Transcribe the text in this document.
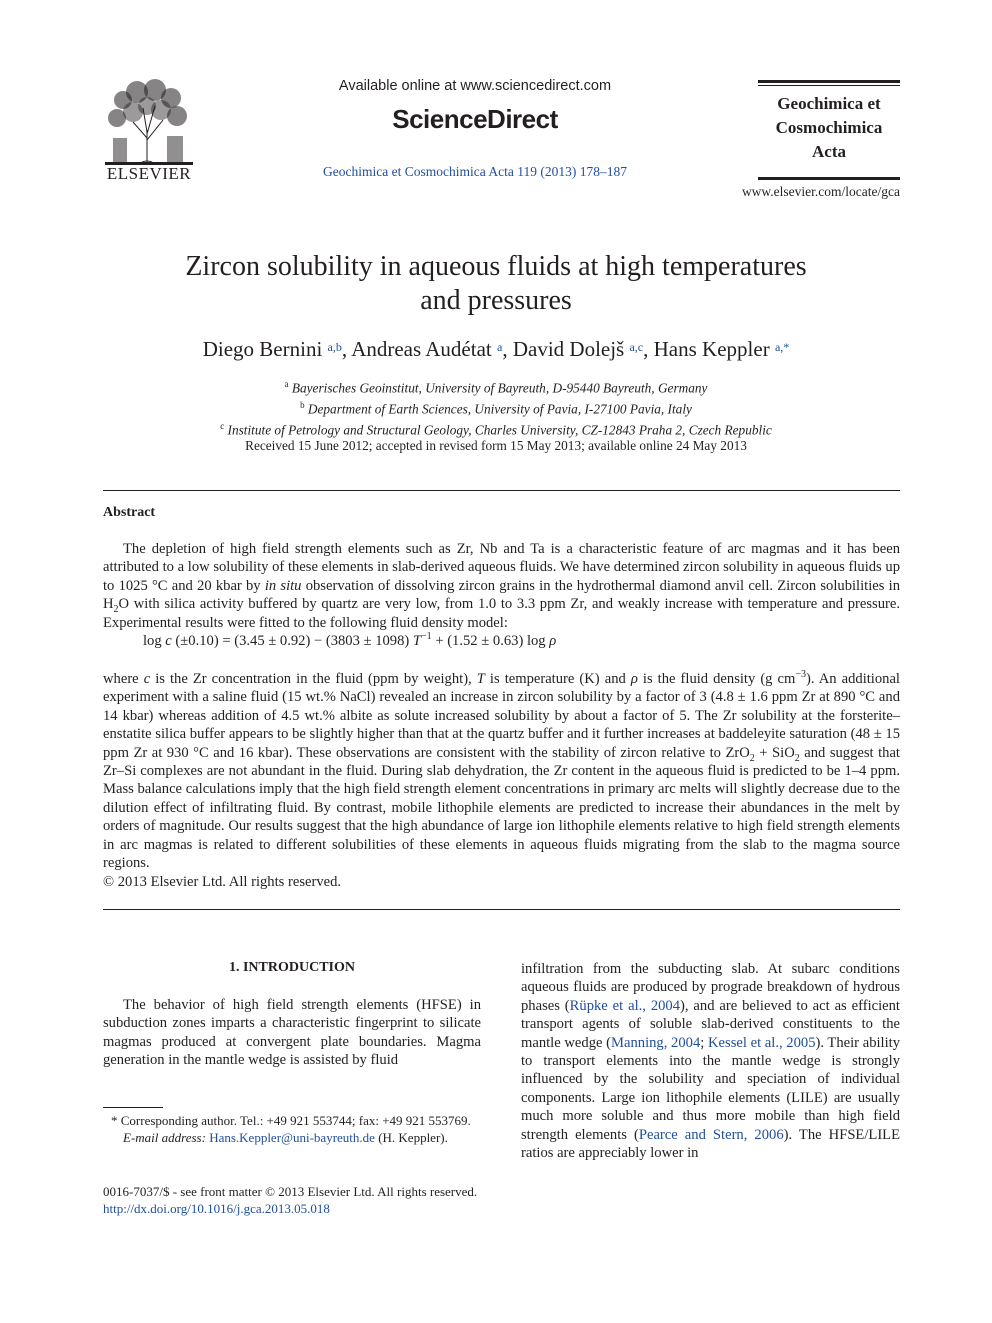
ELSEVIER
Available online at www.sciencedirect.com
ScienceDirect
Geochimica et Cosmochimica Acta 119 (2013) 178–187
Geochimica et
Cosmochimica
Acta
www.elsevier.com/locate/gca
Zircon solubility in aqueous fluids at high temperatures
and pressures
Diego Bernini $^{a,b}$, Andreas Audétat $^a$, David Dolejš $^{a,c}$, Hans Keppler $^{a,*}$
$^a$ Bayerisches Geoinstitut, University of Bayreuth, D-95440 Bayreuth, Germany
$^b$ Department of Earth Sciences, University of Pavia, I-27100 Pavia, Italy
$^c$ Institute of Petrology and Structural Geology, Charles University, CZ-12843 Praha 2, Czech Republic
Received 15 June 2012; accepted in revised form 15 May 2013; available online 24 May 2013
Abstract

The depletion of high field strength elements such as Zr, Nb and Ta is a characteristic feature of arc magmas and it has been attributed to a low solubility of these elements in slab-derived aqueous fluids. We have determined zircon solubility in aqueous fluids up to 1025 °C and 20 kbar by in situ observation of dissolving zircon grains in the hydrothermal diamond anvil cell. Zircon solubilities in $H_2O$ with silica activity buffered by quartz are very low, from 1.0 to 3.3 ppm Zr, and weakly increase with temperature and pressure. Experimental results were fitted to the following fluid density model:

log c (±0.10) = (3.45 ± 0.92) − (3803 ± 1098) $T^{-1} + (1.52 \pm 0.63)$ log ρ

where c is the Zr concentration in the fluid (ppm by weight), T is temperature (K) and ρ is the fluid density (g $cm^{-3}$). An additional experiment with a saline fluid (15 wt.% NaCl) revealed an increase in zircon solubility by a factor of 3 (4.8 ± 1.6 ppm Zr at 890 °C and 14 kbar) whereas addition of 4.5 wt.% albite as solute increased solubility by about a factor of 5. The Zr solubility at the forsterite–enstatite silica buffer appears to be slightly higher than that at the quartz buffer and it further increases at baddeleyite saturation (48 ± 15 ppm Zr at 930 °C and 16 kbar). These observations are consistent with the stability of zircon relative to ZrO$_2$ + SiO$_2$ and suggest that Zr–Si complexes are not abundant in the fluid. During slab dehydration, the Zr content in the aqueous fluid is predicted to be 1–4 ppm. Mass balance calculations imply that the high field strength element concentrations in primary arc melts will slightly decrease due to the dilution effect of infiltrating fluid. By contrast, mobile lithophile elements are predicted to increase their abundances in the melt by orders of magnitude. Our results suggest that the high abundance of large ion lithophile elements relative to high field strength elements in arc magmas is related to different solubilities of these elements in aqueous fluids migrating from the slab to the magma source regions.

© 2013 Elsevier Ltd. All rights reserved.

1. INTRODUCTION
The behavior of high field strength elements (HFSE) in subduction zones imparts a characteristic fingerprint to silicate magmas produced at convergent plate boundaries. Magma generation in the mantle wedge is assisted by fluid
infiltration from the subducting slab. At subarc conditions aqueous fluids are produced by prograde breakdown of hydrous phases (Rüpke et al., 2004), and are believed to act as efficient transport agents of soluble slab-derived constituents to the mantle wedge (Manning, 2004; Kessel et al., 2005). Their ability to transport elements into the mantle wedge is strongly influenced by the solubility and speciation of individual components. Large ion lithophile elements (LILE) are usually much more soluble and thus more mobile than high field strength elements (Pearce and Stern, 2006). The HFSE/LILE ratios are appreciably lower in

* Corresponding author. Tel.: +49 921 553744; fax: +49 921 553769.

E-mail address: Hans.Keppler@uni-bayreuth.de (H. Keppler).

0016-7037/$ - see front matter © 2013 Elsevier Ltd. All rights reserved.
http://dx.doi.org/10.1016/j.gca.2013.05.018
